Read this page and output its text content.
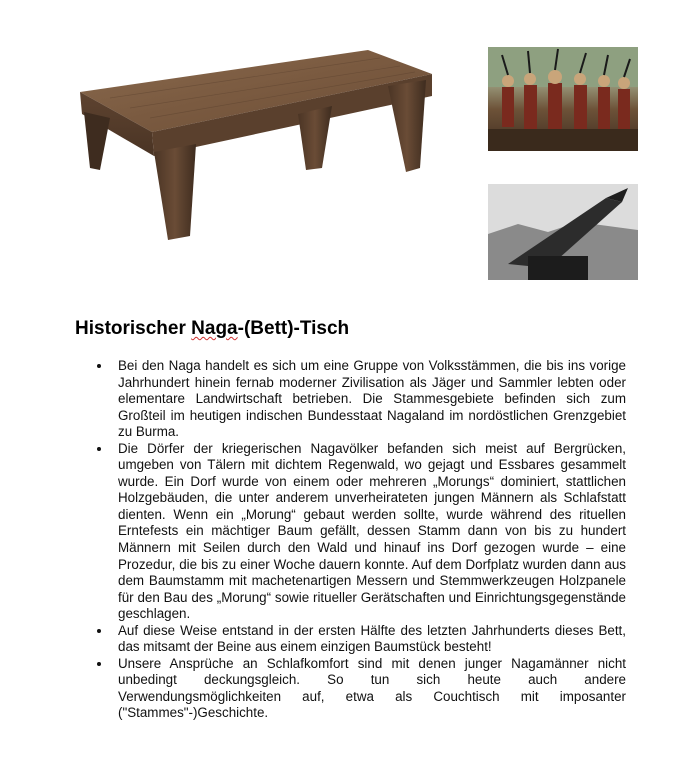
Historischer Naga-(Bett)-Tisch
Bei den Naga handelt es sich um eine Gruppe von Volksstämmen, die bis ins vorige Jahrhundert hinein fernab moderner Zivilisation als Jäger und Sammler lebten oder elementare Landwirtschaft betrieben. Die Stammesgebiete befinden sich zum Großteil im heutigen indischen Bundesstaat Nagaland im nordöstlichen Grenzgebiet zu Burma.
Die Dörfer der kriegerischen Nagavölker befanden sich meist auf Bergrücken, umgeben von Tälern mit dichtem Regenwald, wo gejagt und Essbares gesammelt wurde. Ein Dorf wurde von einem oder mehreren „Morungs“ dominiert, stattlichen Holzgebäuden, die unter anderem unverheirateten jungen Männern als Schlafstatt dienten. Wenn ein „Morung“ gebaut werden sollte, wurde während des rituellen Erntefests ein mächtiger Baum gefällt, dessen Stamm dann von bis zu hundert Männern mit Seilen durch den Wald und hinauf ins Dorf gezogen wurde – eine Prozedur, die bis zu einer Woche dauern konnte. Auf dem Dorfplatz wurden dann aus dem Baumstamm mit machetenartigen Messern und Stemmwerkzeugen Holzpanele für den Bau des „Morung“ sowie ritueller Gerätschaften und Einrichtungsgegenstände geschlagen.
Auf diese Weise entstand in der ersten Hälfte des letzten Jahrhunderts dieses Bett, das mitsamt der Beine aus einem einzigen Baumstück besteht!
Unsere Ansprüche an Schlafkomfort sind mit denen junger Nagamänner nicht unbedingt deckungsgleich. So tun sich heute auch andere Verwendungsmöglichkeiten auf, etwa als Couchtisch mit imposanter ("Stammes"-)Geschichte.
